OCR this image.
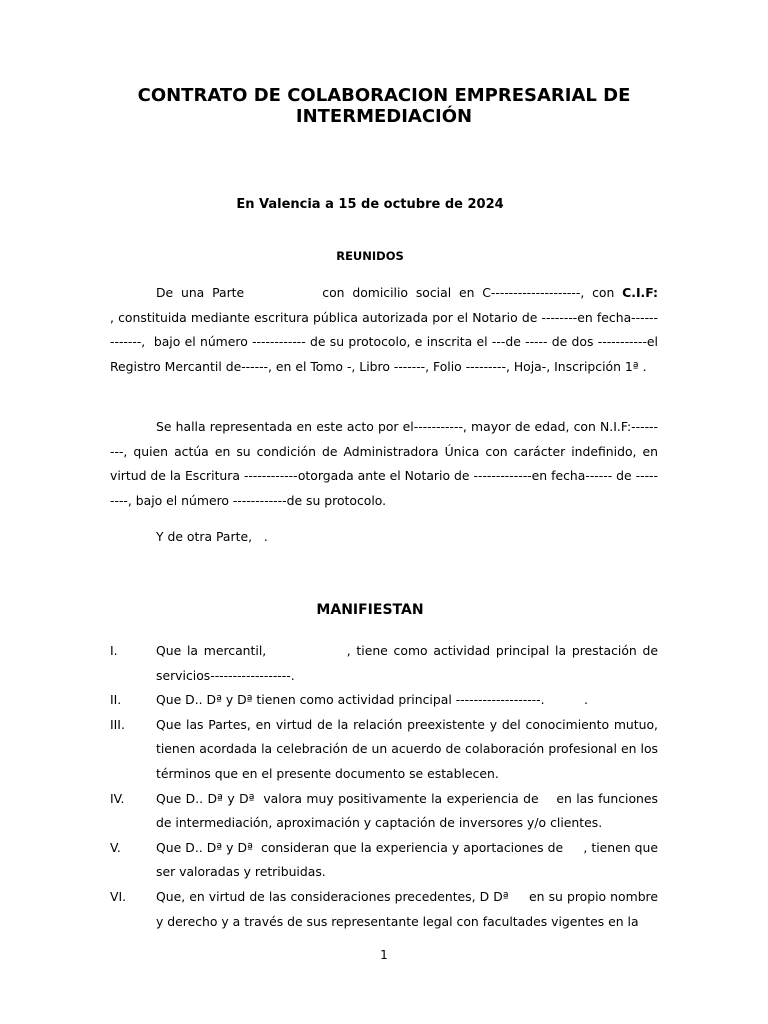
CONTRATO DE COLABORACION EMPRESARIAL DE INTERMEDIACIÓN
En Valencia a 15 de octubre de 2024
REUNIDOS
De una Parte          con domicilio social en C--------------------, con C.I.F:                 , constituida mediante escritura pública autorizada por el Notario de --------en fecha-------------,  bajo el número ------------ de su protocolo, e inscrita el ---de ----- de dos -----------el Registro Mercantil de------, en el Tomo -, Libro -------, Folio ---------, Hoja-, Inscripción 1ª .
Se halla representada en este acto por el-----------, mayor de edad, con N.I.F:---------, quien actúa en su condición de Administradora Única con carácter indefinido, en virtud de la Escritura ------------otorgada ante el Notario de -------------en fecha------ de ---------, bajo el número ------------de su protocolo.
Y de otra Parte,   .
MANIFIESTAN
I.	Que la mercantil,              , tiene como actividad principal la prestación de servicios------------------.
II.	Que D.. Dª y Dª tienen como actividad principal -------------------.          .
III.	Que las Partes, en virtud de la relación preexistente y del conocimiento mutuo, tienen acordada la celebración de un acuerdo de colaboración profesional en los términos que en el presente documento se establecen.
IV.	Que D.. Dª y Dª  valora muy positivamente la experiencia de    en las funciones de intermediación, aproximación y captación de inversores y/o clientes.
V.	Que D.. Dª y Dª  consideran que la experiencia y aportaciones de     , tienen que ser valoradas y retribuidas.
VI.	Que, en virtud de las consideraciones precedentes, D Dª     en su propio nombre y derecho y a través de sus representante legal con facultades vigentes en la
1
